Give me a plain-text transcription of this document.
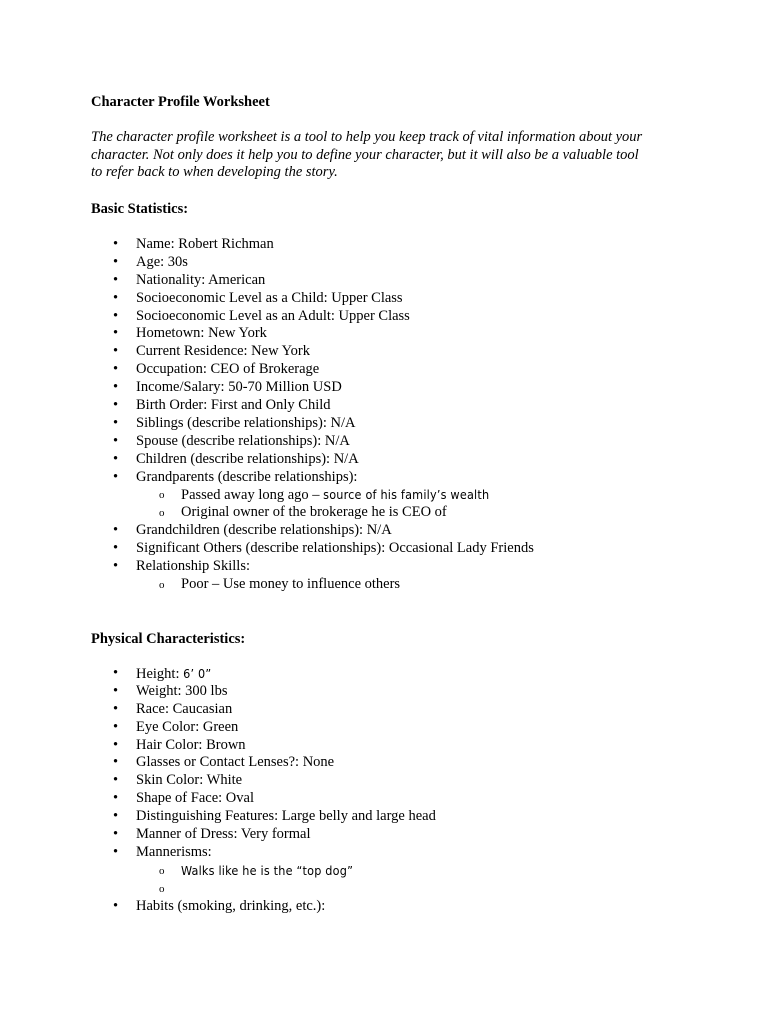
Character Profile Worksheet

The character profile worksheet is a tool to help you keep track of vital information about your
character. Not only does it help you to define your character, but it will also be a valuable tool
to refer back to when developing the story.

Basic Statistics:
• Name: Robert Richman
• Age: 30s
• Nationality: American
• Socioeconomic Level as a Child: Upper Class
• Socioeconomic Level as an Adult: Upper Class
• Hometown: New York
• Current Residence: New York
• Occupation: CEO of Brokerage
• Income/Salary: 50-70 Million USD
• Birth Order: First and Only Child
• Siblings (describe relationships): N/A
• Spouse (describe relationships): N/A
• Children (describe relationships): N/A
• Grandparents (describe relationships):
o Passed away long ago – source of his family’s wealth
o Original owner of the brokerage he is CEO of
• Grandchildren (describe relationships): N/A
• Significant Others (describe relationships): Occasional Lady Friends
• Relationship Skills:
o Poor – Use money to influence others
Physical Characteristics:
• Height: 6’ 0”
• Weight: 300 lbs
• Race: Caucasian
• Eye Color: Green
• Hair Color: Brown
• Glasses or Contact Lenses?: None
• Skin Color: White
• Shape of Face: Oval
• Distinguishing Features: Large belly and large head
• Manner of Dress: Very formal
• Mannerisms:
o Walks like he is the “top dog”
o
• Habits (smoking, drinking, etc.):
